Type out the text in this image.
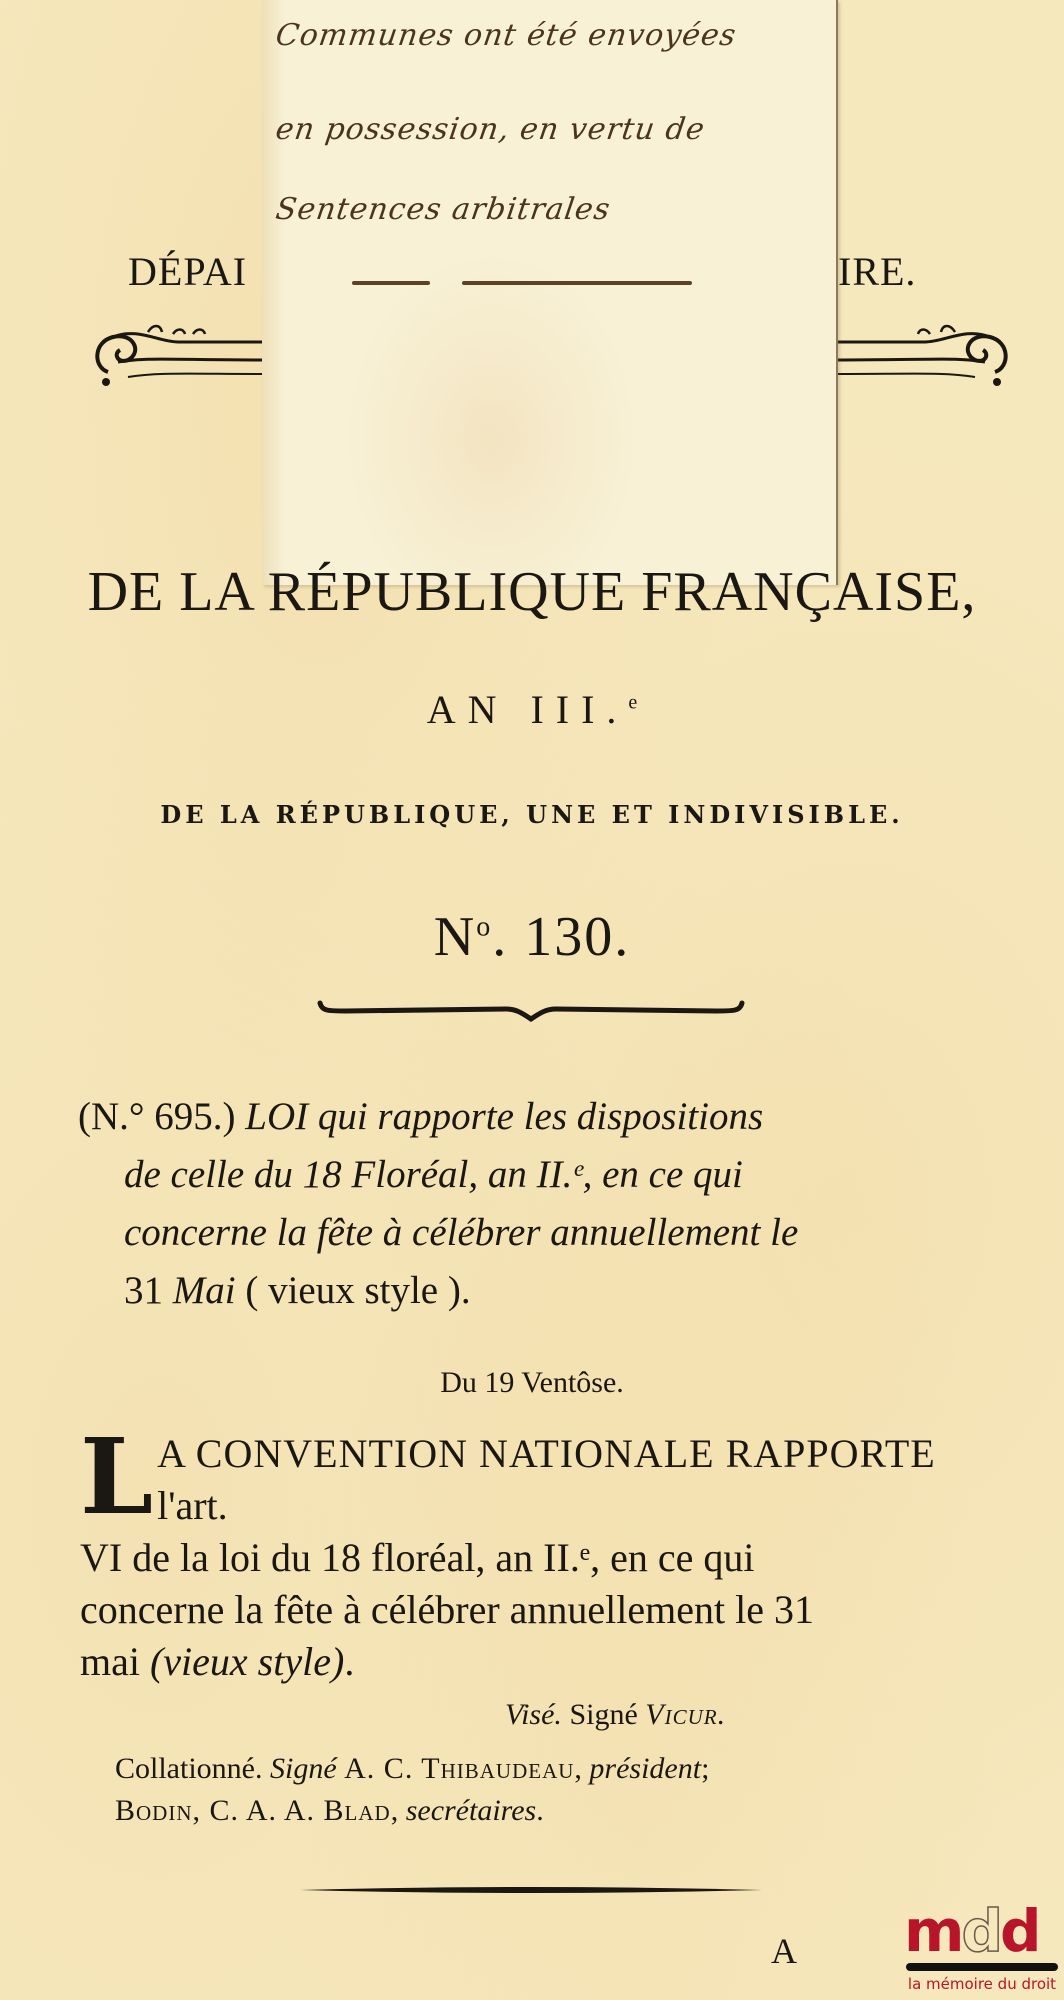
DÉPAI	IRE.
Communes ont été envoyées
en possession, en vertu de
Sentences arbitrales
DE LA RÉPUBLIQUE FRANÇAISE,
AN III.$^e$
DE LA RÉPUBLIQUE, UNE ET INDIVISIBLE.
$N^o$. 130.
(N.° 695.) LOI qui rapporte les dispositions
de celle du 18 Floréal, an II.ᵉ, en ce qui
concerne la fête à célébrer annuellement le
31 Mai ( vieux style ).
Du 19 Ventôse.
L A CONVENTION NATIONALE RAPPORTE l'art.
VI de la loi du 18 floréal, an II.ᵉ, en ce qui
concerne la fête à célébrer annuellement le 31
mai (vieux style).
Visé. Signé Vicur.
Collationné. Signé A. C. Thibaudeau, président;
Bodin, C. A. A. Blad, secrétaires.
A mdd
la mémoire du droit
